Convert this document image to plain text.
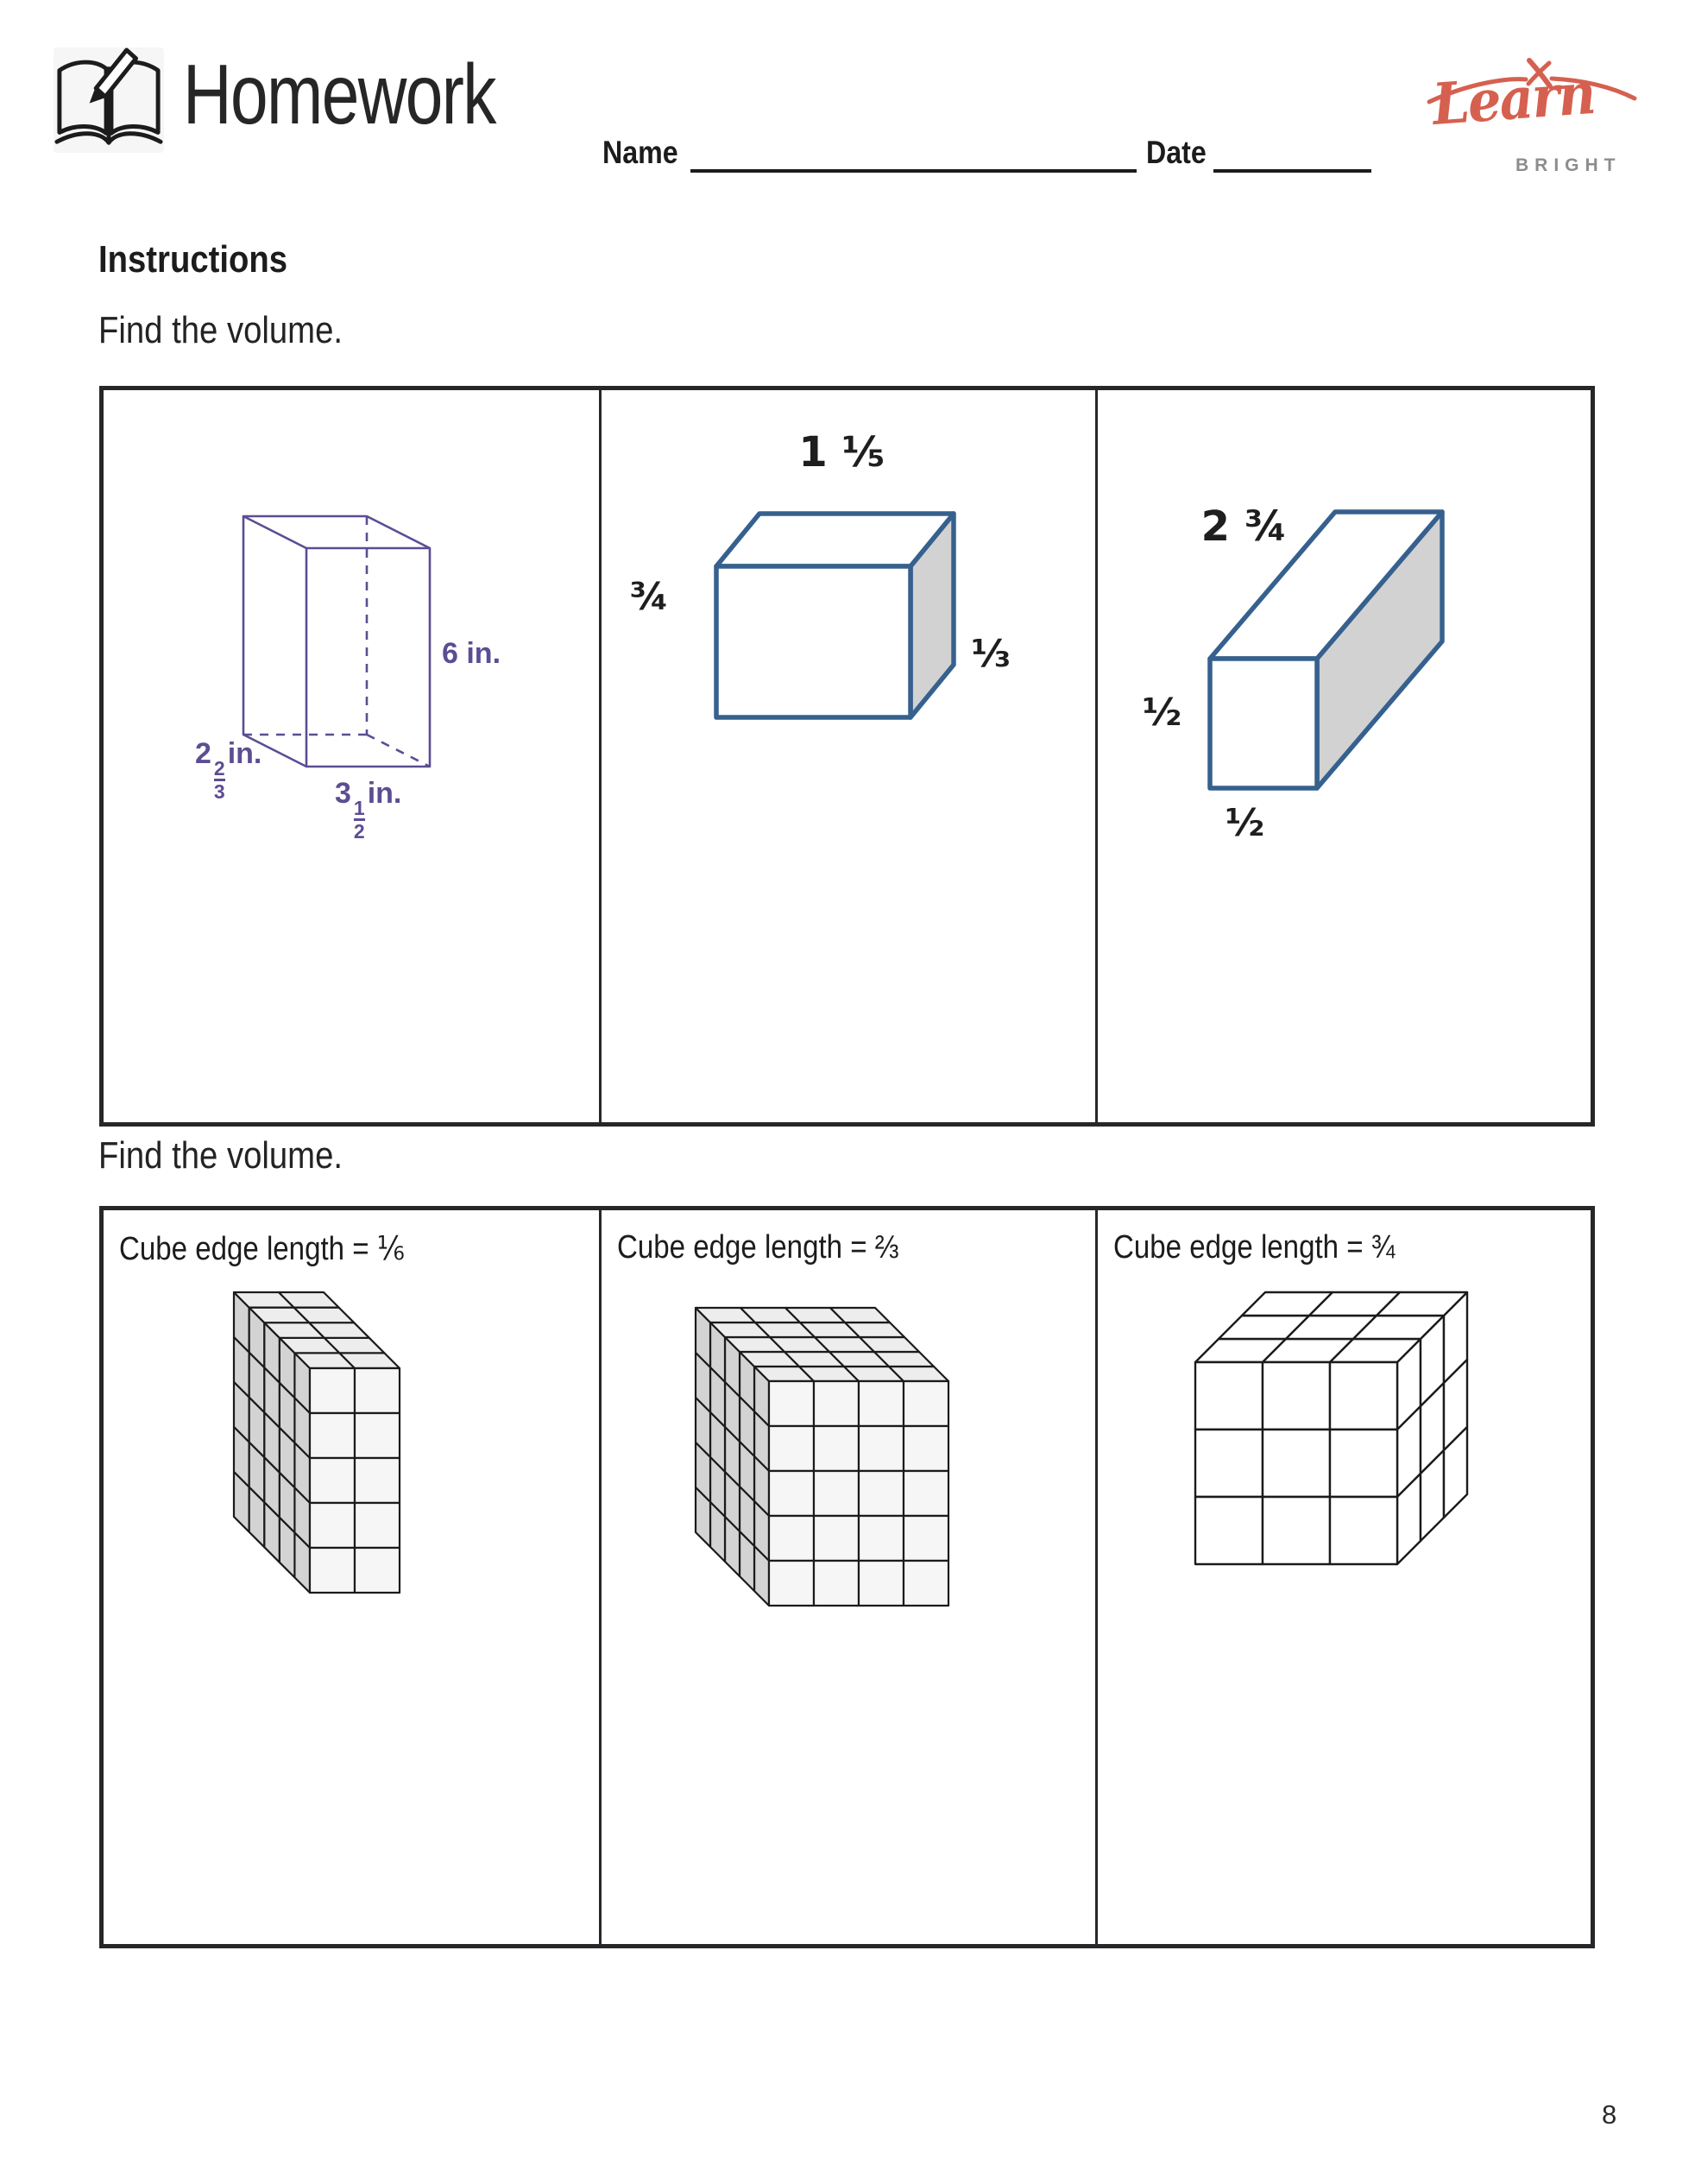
Homework
Name	Date
Learn
BRIGHT
Instructions
Find the volume.
6 in.
2
$\frac{2}{3}$
in.
3
$\frac{1}{2}$
in.
1 ⅕
¾
⅓
2 ¾
½
½
Find the volume.
Cube edge length = ⅙	Cube edge length = ⅔	Cube edge length = ¾
8
